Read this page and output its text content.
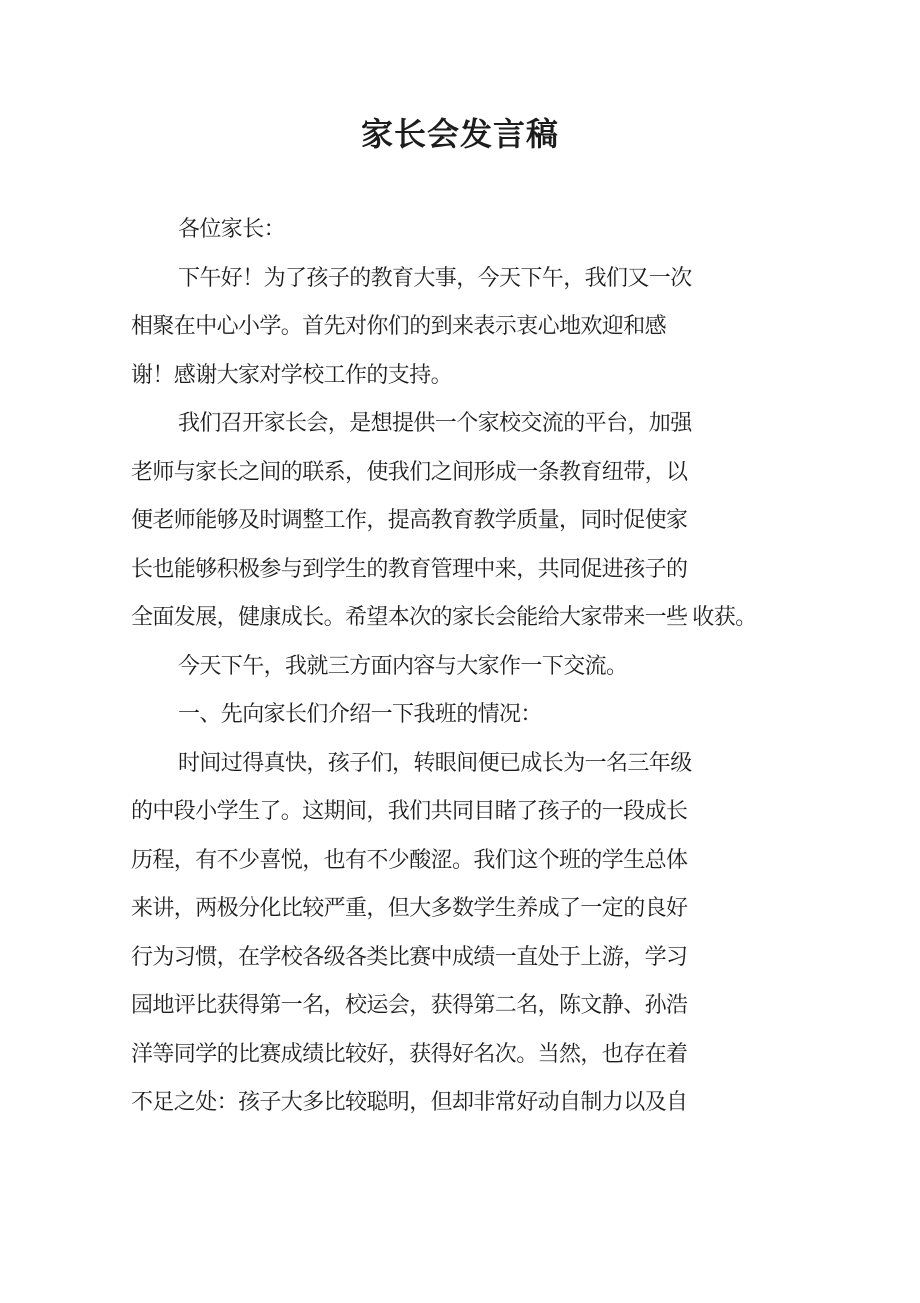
家长会发言稿
各位家长：
下午好！为了孩子的教育大事，今天下午，我们又一次
相聚在中心小学。首先对你们的到来表示衷心地欢迎和感
谢！感谢大家对学校工作的支持。
我们召开家长会，是想提供一个家校交流的平台，加强
老师与家长之间的联系，使我们之间形成一条教育纽带，以
便老师能够及时调整工作，提高教育教学质量，同时促使家
长也能够积极参与到学生的教育管理中来，共同促进孩子的
全面发展，健康成长。希望本次的家长会能给大家带来一些 收获。
今天下午，我就三方面内容与大家作一下交流。
一、先向家长们介绍一下我班的情况：
时间过得真快，孩子们，转眼间便已成长为一名三年级
的中段小学生了。这期间，我们共同目睹了孩子的一段成长
历程，有不少喜悦，也有不少酸涩。我们这个班的学生总体
来讲，两极分化比较严重，但大多数学生养成了一定的良好
行为习惯，在学校各级各类比赛中成绩一直处于上游，学习
园地评比获得第一名，校运会，获得第二名，陈文静、孙浩
洋等同学的比赛成绩比较好，获得好名次。当然，也存在着
不足之处：孩子大多比较聪明，但却非常好动自制力以及自
